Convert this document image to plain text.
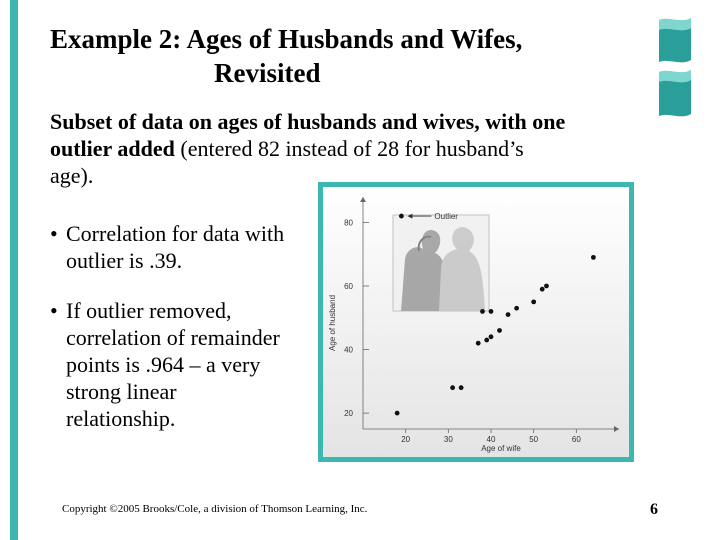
Example 2: Ages of Husbands and Wifes,
Revisited
Subset of data on ages of husbands and wives, with one outlier added (entered 82 instead of 28 for husband’s age).
• Correlation for data with outlier is .39.
• If outlier removed, correlation of remainder points is .964 – a very strong linear relationship.
20	30	40	50	60
20
40
60
80
Age of wife
Age of husband
Outlier
Copyright ©2005 Brooks/Cole, a division of Thomson Learning, Inc.	6
